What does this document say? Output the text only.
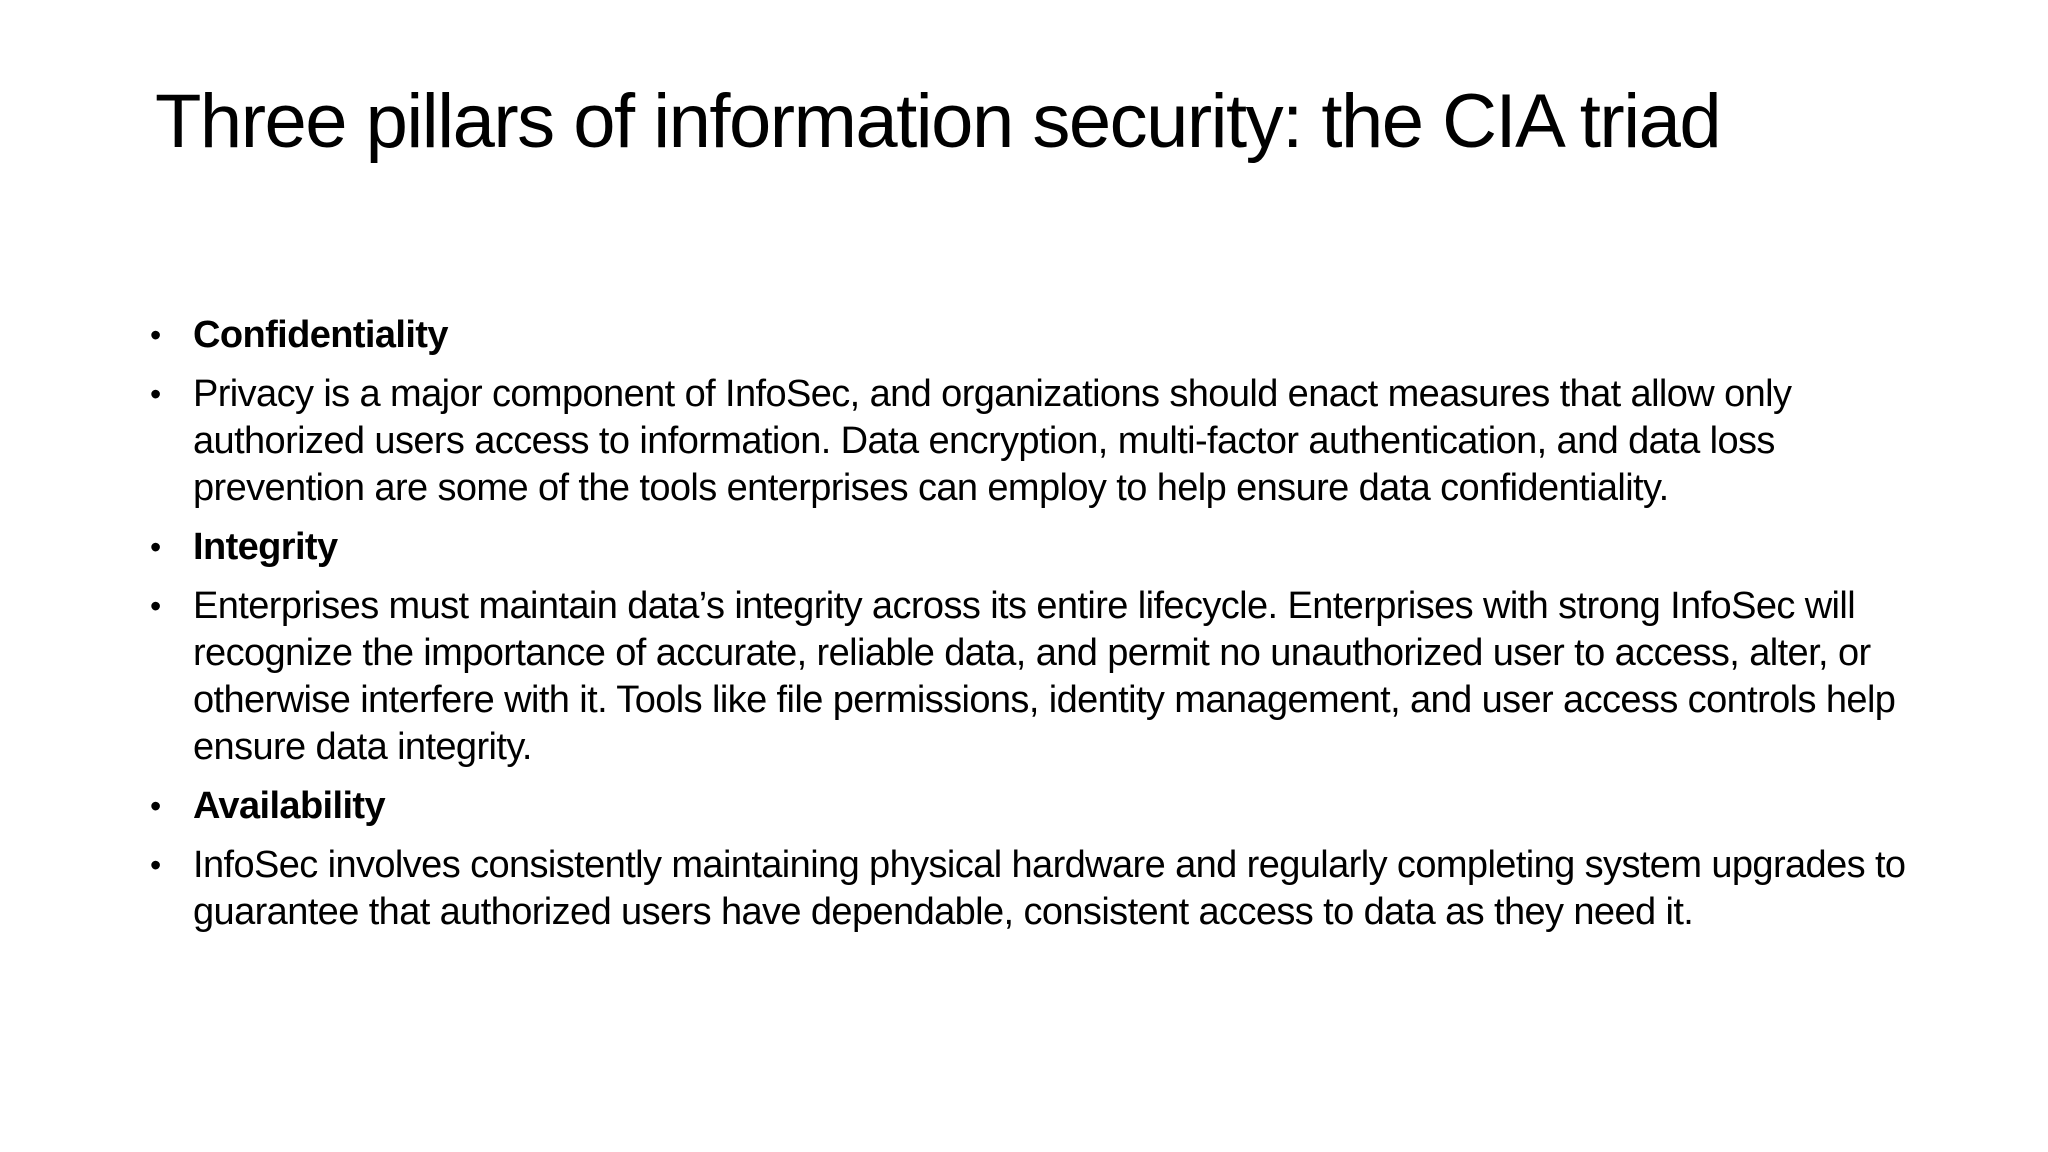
Three pillars of information security: the CIA triad
• Confidentiality
• Privacy is a major component of InfoSec, and organizations should enact measures that allow only authorized users access to information. Data encryption, multi-factor authentication, and data loss prevention are some of the tools enterprises can employ to help ensure data confidentiality.
• Integrity
• Enterprises must maintain data’s integrity across its entire lifecycle. Enterprises with strong InfoSec will recognize the importance of accurate, reliable data, and permit no unauthorized user to access, alter, or otherwise interfere with it. Tools like file permissions, identity management, and user access controls help ensure data integrity.
• Availability
• InfoSec involves consistently maintaining physical hardware and regularly completing system upgrades to guarantee that authorized users have dependable, consistent access to data as they need it.
